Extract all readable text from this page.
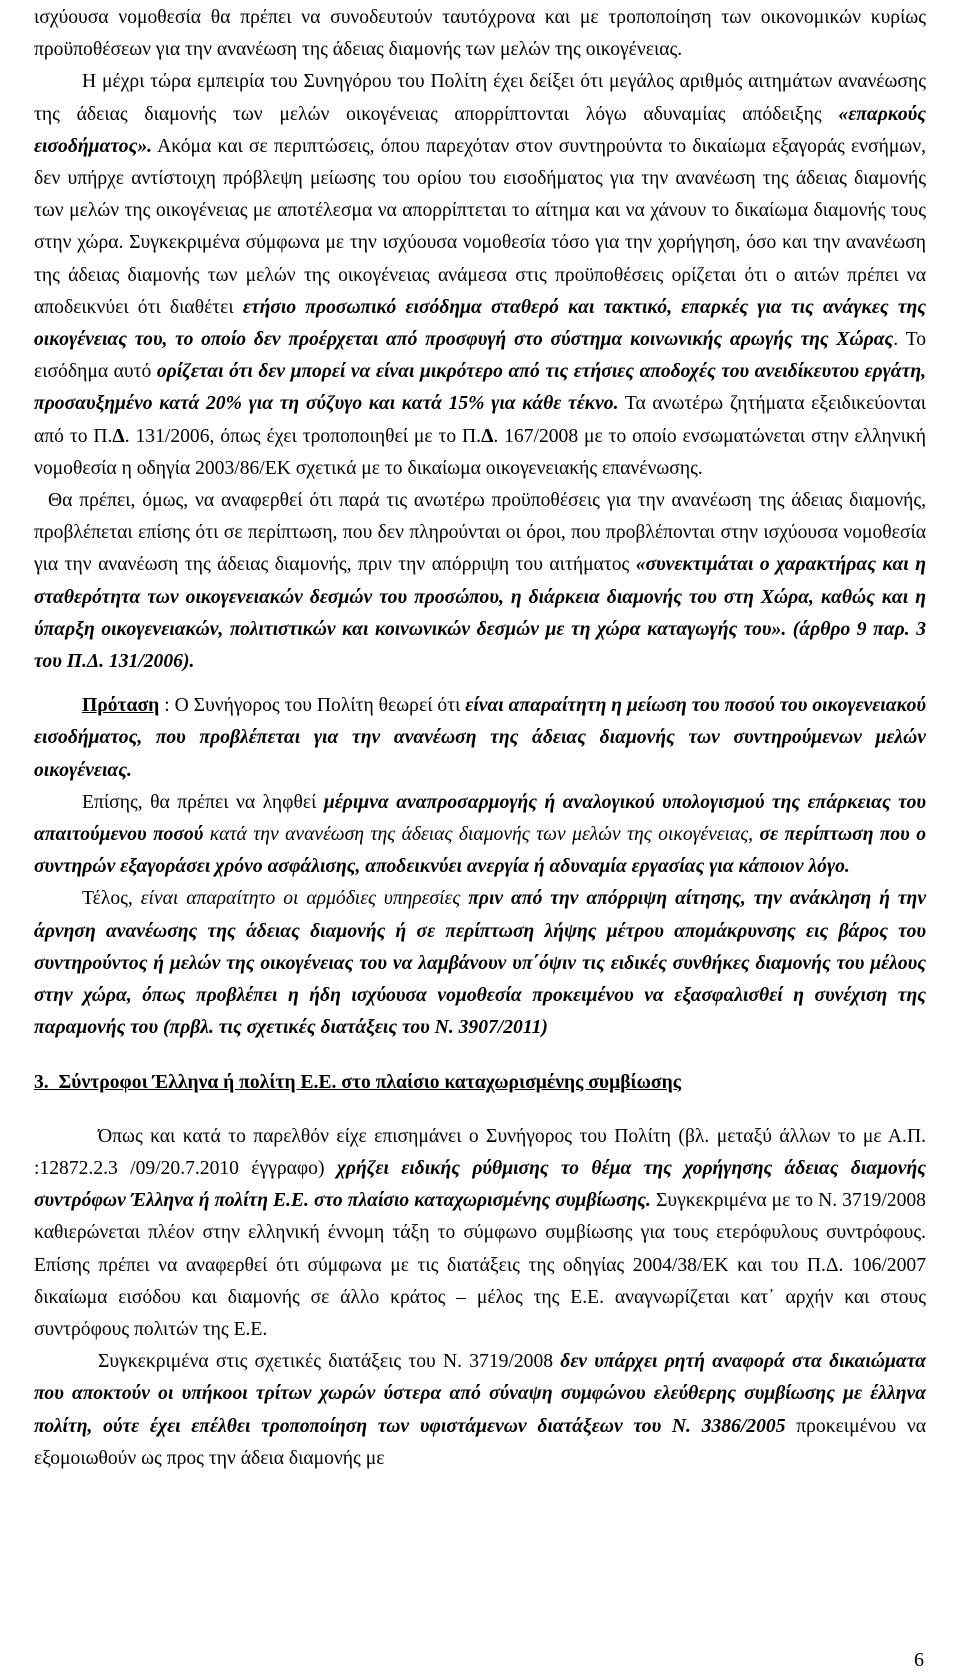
ισχύουσα νομοθεσία θα πρέπει να συνοδευτούν ταυτόχρονα και με τροποποίηση των οικονομικών κυρίως προϋποθέσεων για την ανανέωση της άδειας διαμονής των μελών της οικογένειας.

Η μέχρι τώρα εμπειρία του Συνηγόρου του Πολίτη έχει δείξει ότι μεγάλος αριθμός αιτημάτων ανανέωσης της άδειας διαμονής των μελών οικογένειας απορρίπτονται λόγω αδυναμίας απόδειξης «επαρκούς εισοδήματος». Ακόμα και σε περιπτώσεις, όπου παρεχόταν στον συντηρούντα το δικαίωμα εξαγοράς ενσήμων, δεν υπήρχε αντίστοιχη πρόβλεψη μείωσης του ορίου του εισοδήματος για την ανανέωση της άδειας διαμονής των μελών της οικογένειας με αποτέλεσμα να απορρίπτεται το αίτημα και να χάνουν το δικαίωμα διαμονής τους στην χώρα. Συγκεκριμένα σύμφωνα με την ισχύουσα νομοθεσία τόσο για την χορήγηση, όσο και την ανανέωση της άδειας διαμονής των μελών της οικογένειας ανάμεσα στις προϋποθέσεις ορίζεται ότι ο αιτών πρέπει να αποδεικνύει ότι διαθέτει ετήσιο προσωπικό εισόδημα σταθερό και τακτικό, επαρκές για τις ανάγκες της οικογένειας του, το οποίο δεν προέρχεται από προσφυγή στο σύστημα κοινωνικής αρωγής της Χώρας. Το εισόδημα αυτό ορίζεται ότι δεν μπορεί να είναι μικρότερο από τις ετήσιες αποδοχές του ανειδίκευτου εργάτη, προσαυξημένο κατά 20% για τη σύζυγο και κατά 15% για κάθε τέκνο. Τα ανωτέρω ζητήματα εξειδικεύονται από το Π.Δ. 131/2006, όπως έχει τροποποιηθεί με το Π.Δ. 167/2008 με το οποίο ενσωματώνεται στην ελληνική νομοθεσία η οδηγία 2003/86/ΕΚ σχετικά με το δικαίωμα οικογενειακής επανένωσης.

Θα πρέπει, όμως, να αναφερθεί ότι παρά τις ανωτέρω προϋποθέσεις για την ανανέωση της άδειας διαμονής, προβλέπεται επίσης ότι σε περίπτωση, που δεν πληρούνται οι όροι, που προβλέπονται στην ισχύουσα νομοθεσία για την ανανέωση της άδειας διαμονής, πριν την απόρριψη του αιτήματος «συνεκτιμάται ο χαρακτήρας και η σταθερότητα των οικογενειακών δεσμών του προσώπου, η διάρκεια διαμονής του στη Χώρα, καθώς και η ύπαρξη οικογενειακών, πολιτιστικών και κοινωνικών δεσμών με τη χώρα καταγωγής του». (άρθρο 9 παρ. 3 του Π.Δ. 131/2006).

Πρόταση : Ο Συνήγορος του Πολίτη θεωρεί ότι είναι απαραίτητη η μείωση του ποσού του οικογενειακού εισοδήματος, που προβλέπεται για την ανανέωση της άδειας διαμονής των συντηρούμενων μελών οικογένειας.

Επίσης, θα πρέπει να ληφθεί μέριμνα αναπροσαρμογής ή αναλογικού υπολογισμού της επάρκειας του απαιτούμενου ποσού κατά την ανανέωση της άδειας διαμονής των μελών της οικογένειας, σε περίπτωση που ο συντηρών εξαγοράσει χρόνο ασφάλισης, αποδεικνύει ανεργία ή αδυναμία εργασίας για κάποιον λόγο.

Τέλος, είναι απαραίτητο οι αρμόδιες υπηρεσίες πριν από την απόρριψη αίτησης, την ανάκληση ή την άρνηση ανανέωσης της άδειας διαμονής ή σε περίπτωση λήψης μέτρου απομάκρυνσης εις βάρος του συντηρούντος ή μελών της οικογένειας του να λαμβάνουν υπ΄όψιν τις ειδικές συνθήκες διαμονής του μέλους στην χώρα, όπως προβλέπει η ήδη ισχύουσα νομοθεσία προκειμένου να εξασφαλισθεί η συνέχιση της παραμονής του (πρβλ. τις σχετικές διατάξεις του Ν. 3907/2011)

3. Σύντροφοι Έλληνα ή πολίτη Ε.Ε. στο πλαίσιο καταχωρισμένης συμβίωσης

Όπως και κατά το παρελθόν είχε επισημάνει ο Συνήγορος του Πολίτη (βλ. μεταξύ άλλων το με Α.Π. :12872.2.3 /09/20.7.2010 έγγραφο) χρήζει ειδικής ρύθμισης το θέμα της χορήγησης άδειας διαμονής συντρόφων Έλληνα ή πολίτη Ε.Ε. στο πλαίσιο καταχωρισμένης συμβίωσης. Συγκεκριμένα με το Ν. 3719/2008 καθιερώνεται πλέον στην ελληνική έννομη τάξη το σύμφωνο συμβίωσης για τους ετερόφυλους συντρόφους. Επίσης πρέπει να αναφερθεί ότι σύμφωνα με τις διατάξεις της οδηγίας 2004/38/ΕΚ και του Π.Δ. 106/2007 δικαίωμα εισόδου και διαμονής σε άλλο κράτος – μέλος της Ε.Ε. αναγνωρίζεται κατ᾽ αρχήν και στους συντρόφους πολιτών της Ε.Ε.

Συγκεκριμένα στις σχετικές διατάξεις του Ν. 3719/2008 δεν υπάρχει ρητή αναφορά στα δικαιώματα που αποκτούν οι υπήκοοι τρίτων χωρών ύστερα από σύναψη συμφώνου ελεύθερης συμβίωσης με έλληνα πολίτη, ούτε έχει επέλθει τροποποίηση των υφιστάμενων διατάξεων του Ν. 3386/2005 προκειμένου να εξομοιωθούν ως προς την άδεια διαμονής με

6
